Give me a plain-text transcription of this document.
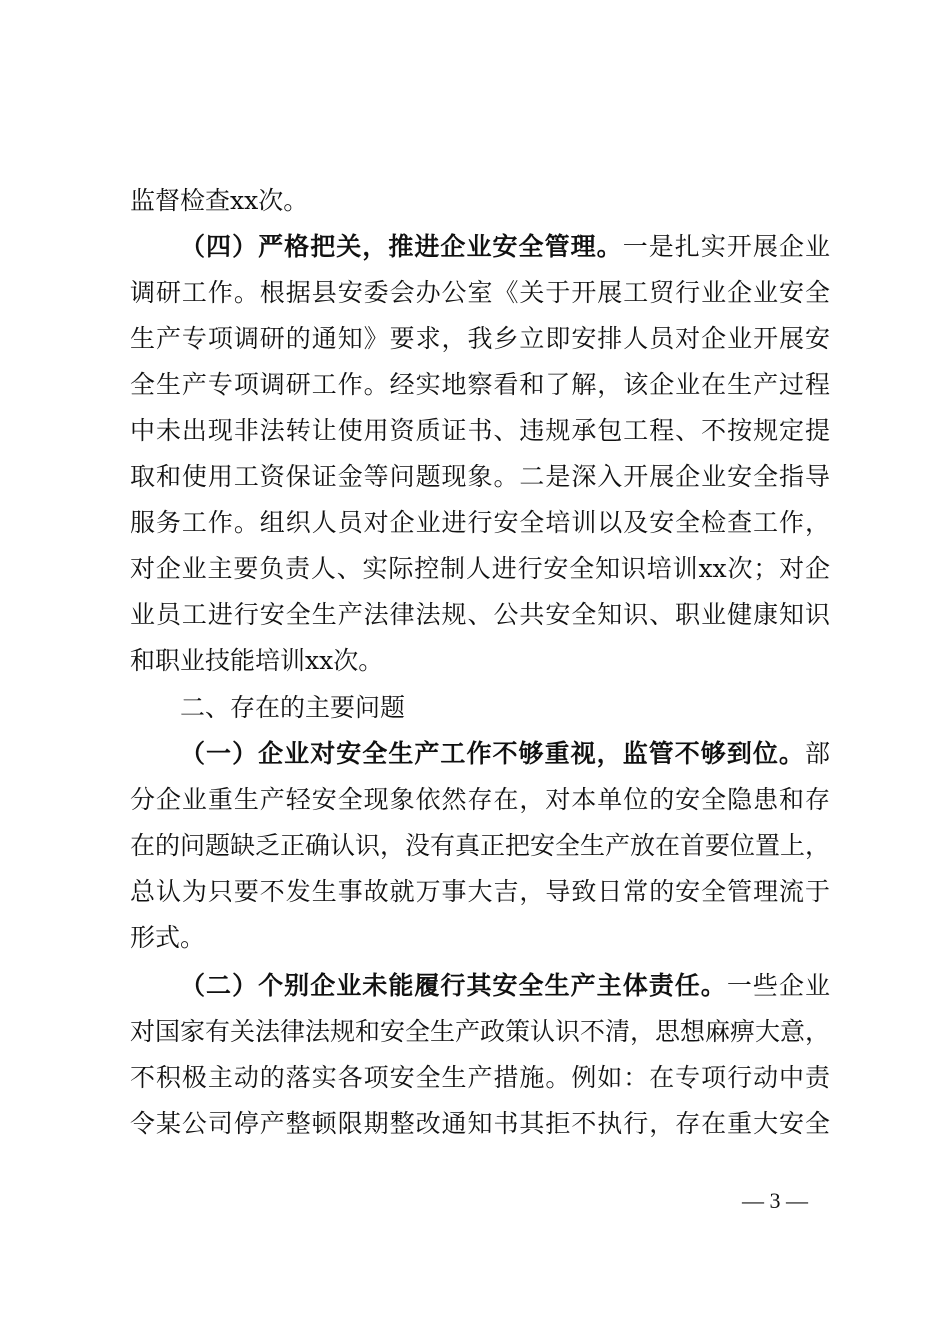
监督检查xx次。
（四）严格把关，推进企业安全管理。一是扎实开展企业
调研工作。根据县安委会办公室《关于开展工贸行业企业安全
生产专项调研的通知》要求，我乡立即安排人员对企业开展安
全生产专项调研工作。经实地察看和了解，该企业在生产过程
中未出现非法转让使用资质证书、违规承包工程、不按规定提
取和使用工资保证金等问题现象。二是深入开展企业安全指导
服务工作。组织人员对企业进行安全培训以及安全检查工作，
对企业主要负责人、实际控制人进行安全知识培训xx次；对企
业员工进行安全生产法律法规、公共安全知识、职业健康知识
和职业技能培训xx次。
二、存在的主要问题
（一）企业对安全生产工作不够重视，监管不够到位。部
分企业重生产轻安全现象依然存在，对本单位的安全隐患和存
在的问题缺乏正确认识，没有真正把安全生产放在首要位置上，
总认为只要不发生事故就万事大吉，导致日常的安全管理流于
形式。
（二）个别企业未能履行其安全生产主体责任。一些企业
对国家有关法律法规和安全生产政策认识不清，思想麻痹大意，
不积极主动的落实各项安全生产措施。例如：在专项行动中责
令某公司停产整顿限期整改通知书其拒不执行，存在重大安全
— 3 —
